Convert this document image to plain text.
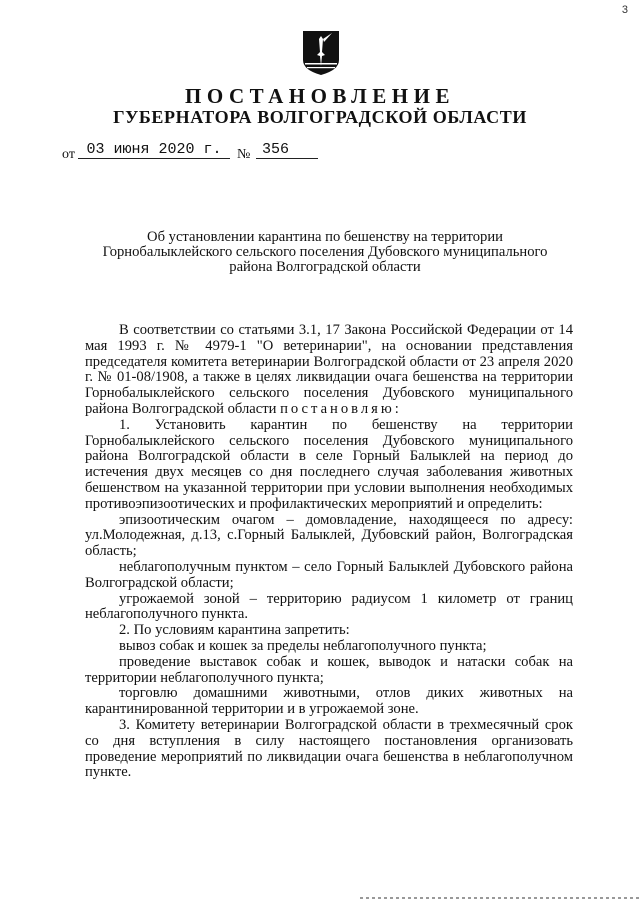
3
ПОСТАНОВЛЕНИЕ
ГУБЕРНАТОРА ВОЛГОГРАДСКОЙ ОБЛАСТИ
от 03 июня 2020 г.	№ 356
Об установлении карантина по бешенству на территории Горнобалыклейского сельского поселения Дубовского муниципального района Волгоградской области

В соответствии со статьями 3.1, 17 Закона Российской Федерации от 14 мая 1993 г. № 4979-1 "О ветеринарии", на основании представления председателя комитета ветеринарии Волгоградской области от 23 апреля 2020 г. № 01-08/1908, а также в целях ликвидации очага бешенства на территории Горнобалыклейского сельского поселения Дубовского муниципального района Волгоградской области постановляю:

1. Установить карантин по бешенству на территории Горнобалыклейского сельского поселения Дубовского муниципального района Волгоградской области в селе Горный Балыклей на период до истечения двух месяцев со дня последнего случая заболевания животных бешенством на указанной территории при условии выполнения необходимых противоэпизоотических и профилактических мероприятий и определить:

эпизоотическим очагом – домовладение, находящееся по адресу: ул.Молодежная, д.13, с.Горный Балыклей, Дубовский район, Волгоградская область;

неблагополучным пунктом – село Горный Балыклей Дубовского района Волгоградской области;

угрожаемой зоной – территорию радиусом 1 километр от границ неблагополучного пункта.

2. По условиям карантина запретить:

вывоз собак и кошек за пределы неблагополучного пункта;

проведение выставок собак и кошек, выводок и натаски собак на территории неблагополучного пункта;

торговлю домашними животными, отлов диких животных на карантинированной территории и в угрожаемой зоне.

3. Комитету ветеринарии Волгоградской области в трехмесячный срок со дня вступления в силу настоящего постановления организовать проведение мероприятий по ликвидации очага бешенства в неблагополучном пункте.
